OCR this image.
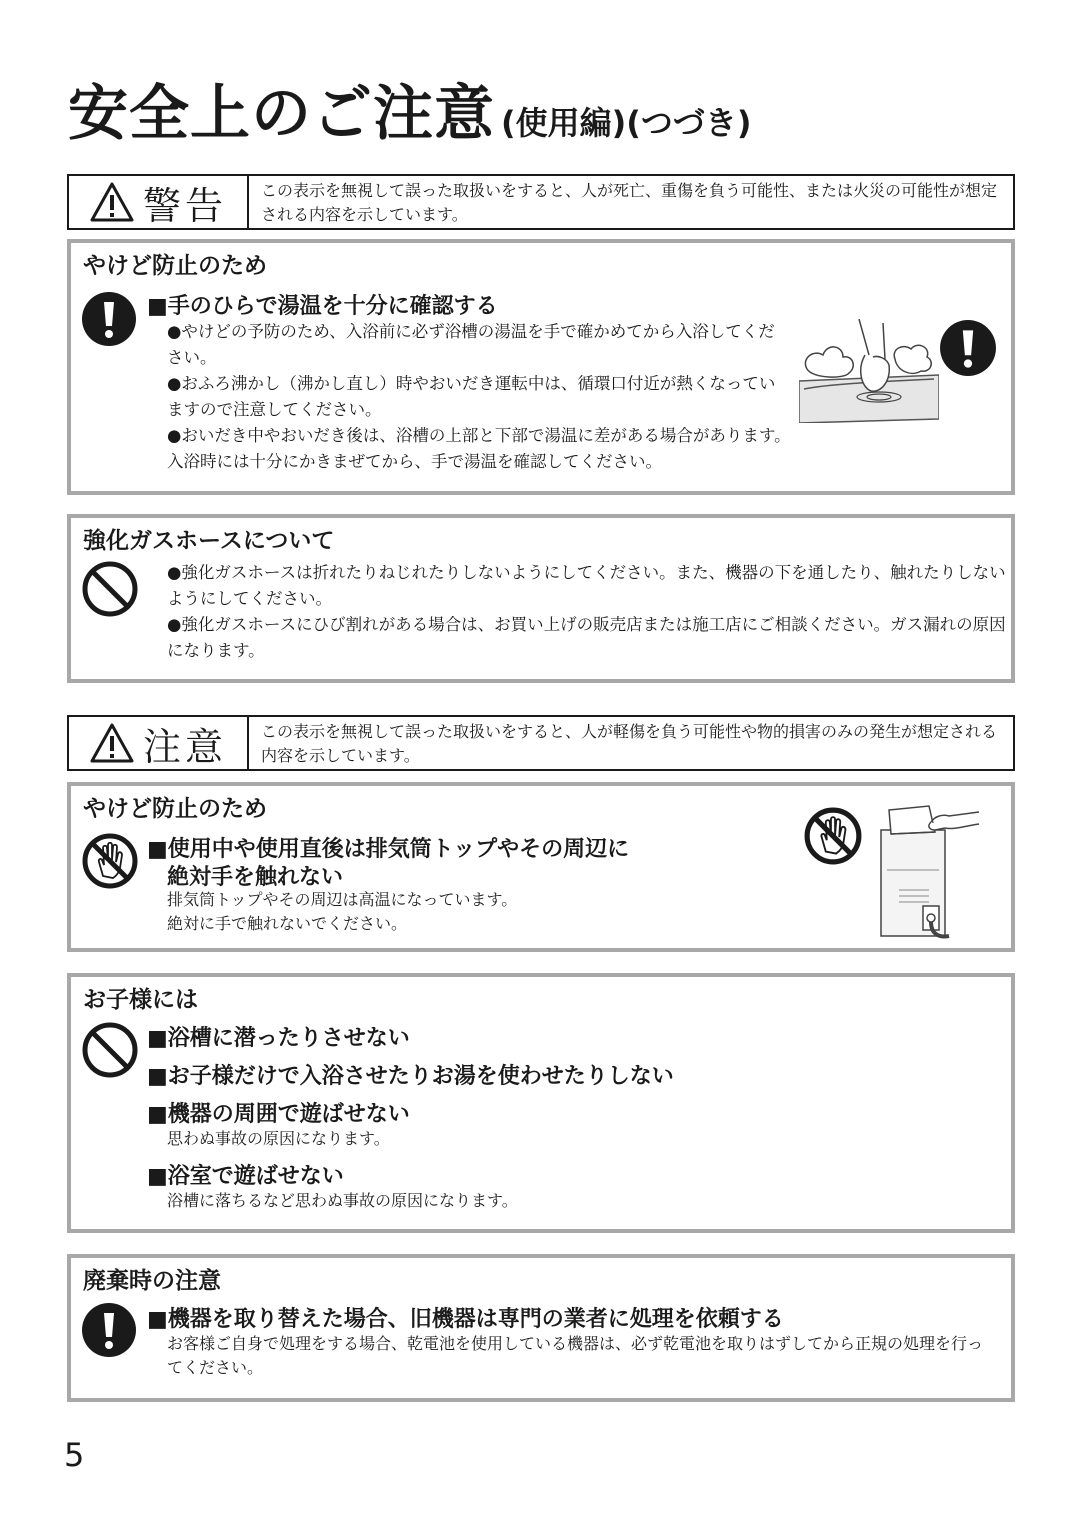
安全上のご注意 (使用編)(つづき)
警告	この表示を無視して誤った取扱いをすると、人が死亡、重傷を負う可能性、または火災の可能性が想定される内容を示しています。
やけど防止のため
■手のひらで湯温を十分に確認する
●やけどの予防のため、入浴前に必ず浴槽の湯温を手で確かめてから入浴してください。
●おふろ沸かし（沸かし直し）時やおいだき運転中は、循環口付近が熱くなっていますので注意してください。
●おいだき中やおいだき後は、浴槽の上部と下部で湯温に差がある場合があります。入浴時には十分にかきまぜてから、手で湯温を確認してください。
強化ガスホースについて
●強化ガスホースは折れたりねじれたりしないようにしてください。また、機器の下を通したり、触れたりしないようにしてください。
●強化ガスホースにひび割れがある場合は、お買い上げの販売店または施工店にご相談ください。ガス漏れの原因になります。
注意	この表示を無視して誤った取扱いをすると、人が軽傷を負う可能性や物的損害のみの発生が想定される内容を示しています。
やけど防止のため
■使用中や使用直後は排気筒トップやその周辺に
絶対手を触れない
排気筒トップやその周辺は高温になっています。
絶対に手で触れないでください。
お子様には
■浴槽に潜ったりさせない
■お子様だけで入浴させたりお湯を使わせたりしない
■機器の周囲で遊ばせない
思わぬ事故の原因になります。
■浴室で遊ばせない
浴槽に落ちるなど思わぬ事故の原因になります。
廃棄時の注意
■機器を取り替えた場合、旧機器は専門の業者に処理を依頼する
お客様ご自身で処理をする場合、乾電池を使用している機器は、必ず乾電池を取りはずしてから正規の処理を行ってください。
5
